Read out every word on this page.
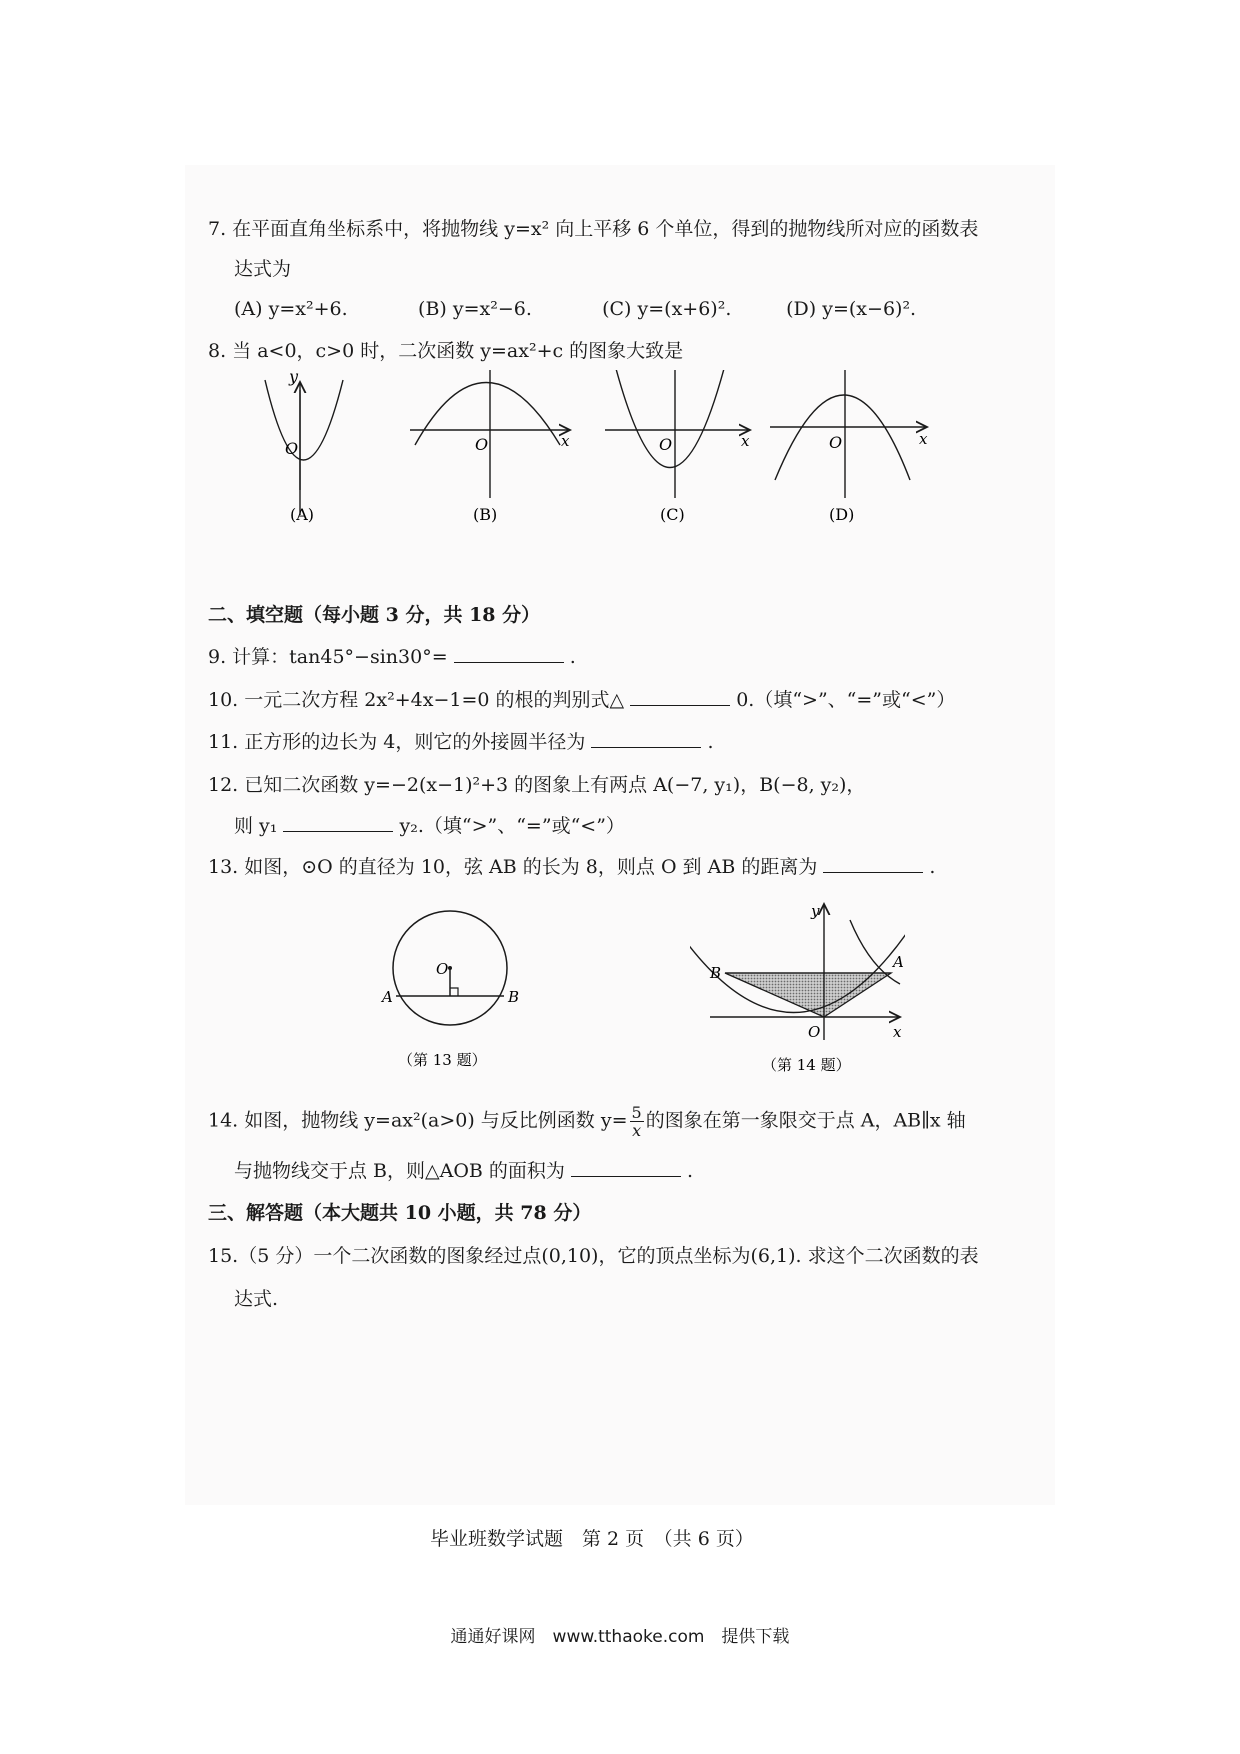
7. 在平面直角坐标系中，将抛物线 y=x² 向上平移 6 个单位，得到的抛物线所对应的函数表
达式为
(A) y=x²+6.	(B) y=x²−6.	(C) y=(x+6)².	(D) y=(x−6)².
8. 当 a<0，c>0 时，二次函数 y=ax²+c 的图象大致是
y
O
(A)
x
O
(B)
x
O
(C)
x
O
(D)
二、填空题（每小题 3 分，共 18 分）
9. 计算：tan45°−sin30°=	.
10. 一元二次方程 2x²+4x−1=0 的根的判别式△	0.（填“>”、“=”或“<”）
11. 正方形的边长为 4，则它的外接圆半径为	.
12. 已知二次函数 y=−2(x−1)²+3 的图象上有两点 A(−7, y₁)，B(−8, y₂)，
则 y₁	y₂.（填“>”、“=”或“<”）
13. 如图，⊙O 的直径为 10，弦 AB 的长为 8，则点 O 到 AB 的距离为	.
O
A	B
（第 13 题）
y
x
O
B
A
（第 14 题）
14. 如图，抛物线 y=ax²(a>0) 与反比例函数 $y= \frac{5}{x}$ 的图象在第一象限交于点 A，AB∥x 轴
与抛物线交于点 B，则△AOB 的面积为	.
三、解答题（本大题共 10 小题，共 78 分）
15.（5 分）一个二次函数的图象经过点(0,10)，它的顶点坐标为(6,1). 求这个二次函数的表
达式.
毕业班数学试题　第 2 页　（共 6 页）
通通好课网　www.tthaoke.com　提供下载
